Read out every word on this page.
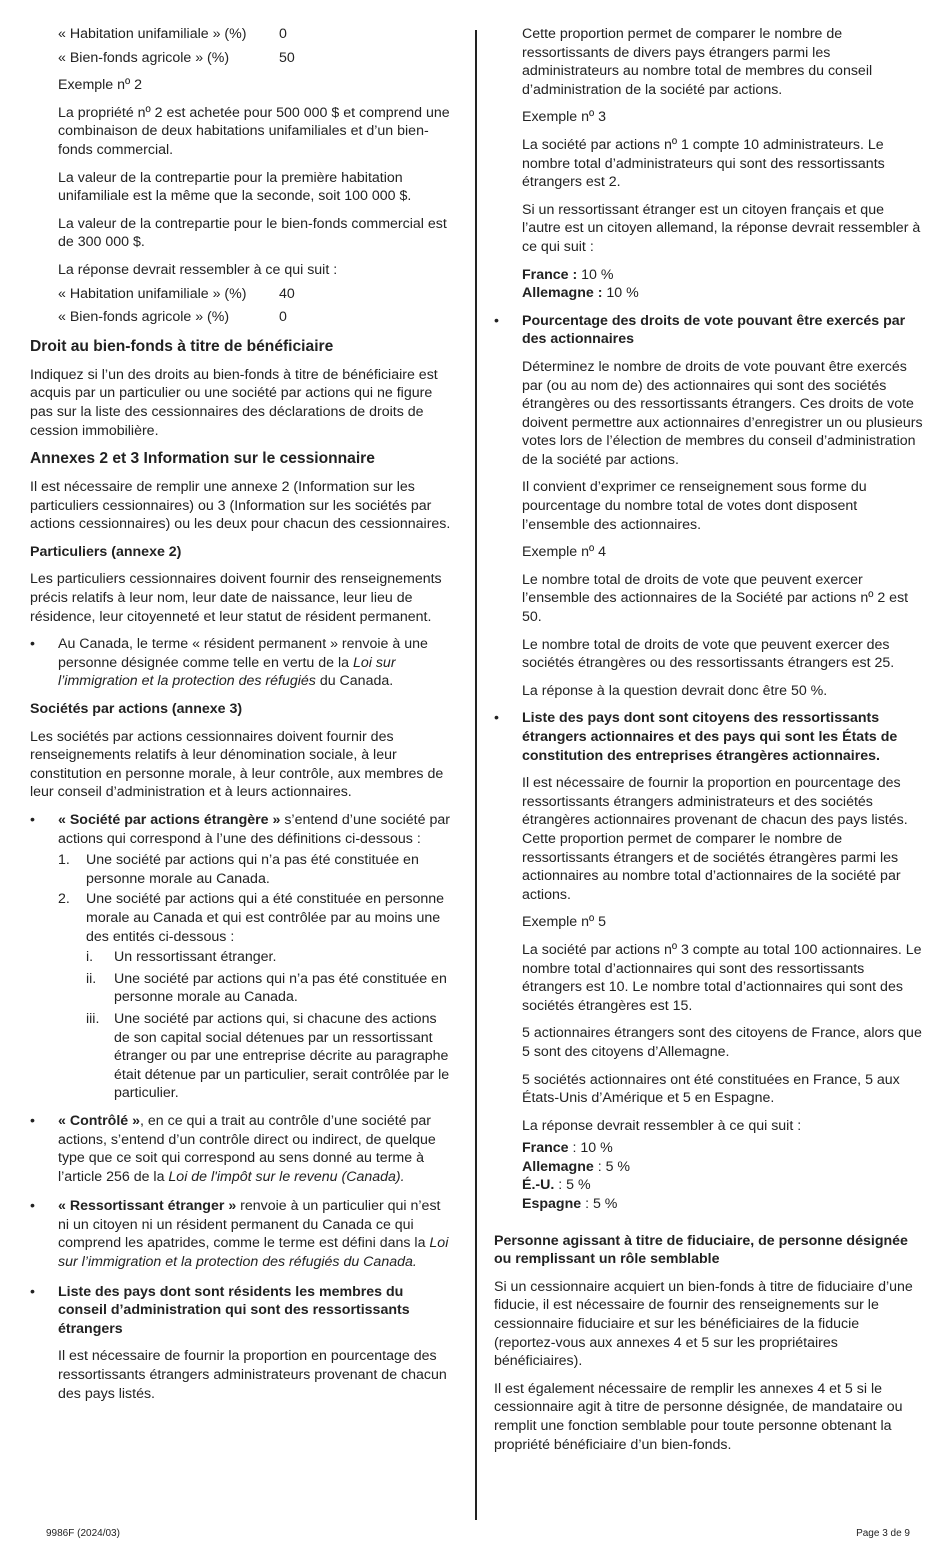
« Habitation unifamiliale » (%)	0
« Bien-fonds agricole » (%)	50

Exemple nº 2

La propriété nº 2 est achetée pour 500 000 $ et comprend une combinaison de deux habitations unifamiliales et d’un bien-fonds commercial.

La valeur de la contrepartie pour la première habitation unifamiliale est la même que la seconde, soit 100 000 $.

La valeur de la contrepartie pour le bien-fonds commercial est de 300 000 $.

La réponse devrait ressembler à ce qui suit :

« Habitation unifamiliale » (%)	40
« Bien-fonds agricole » (%)	0
Droit au bien-fonds à titre de bénéficiaire

Indiquez si l’un des droits au bien-fonds à titre de bénéficiaire est acquis par un particulier ou une société par actions qui ne figure pas sur la liste des cessionnaires des déclarations de droits de cession immobilière.

Annexes 2 et 3 Information sur le cessionnaire

Il est nécessaire de remplir une annexe 2 (Information sur les particuliers cessionnaires) ou 3 (Information sur les sociétés par actions cessionnaires) ou les deux pour chacun des cessionnaires.

Particuliers (annexe 2)

Les particuliers cessionnaires doivent fournir des renseignements précis relatifs à leur nom, leur date de naissance, leur lieu de résidence, leur citoyenneté et leur statut de résident permanent.

• Au Canada, le terme « résident permanent » renvoie à une personne désignée comme telle en vertu de la Loi sur l’immigration et la protection des réfugiés du Canada.
Sociétés par actions (annexe 3)

Les sociétés par actions cessionnaires doivent fournir des renseignements relatifs à leur dénomination sociale, à leur constitution en personne morale, à leur contrôle, aux membres de leur conseil d’administration et à leurs actionnaires.

• « Société par actions étrangère » s’entend d’une société par actions qui correspond à l’une des définitions ci-dessous :
1. Une société par actions qui n’a pas été constituée en personne morale au Canada.
2. Une société par actions qui a été constituée en personne morale au Canada et qui est contrôlée par au moins une des entités ci-dessous :
i. Un ressortissant étranger.
ii. Une société par actions qui n’a pas été constituée en personne morale au Canada.
iii. Une société par actions qui, si chacune des actions de son capital social détenues par un ressortissant étranger ou par une entreprise décrite au paragraphe était détenue par un particulier, serait contrôlée par le particulier.
• « Contrôlé », en ce qui a trait au contrôle d’une société par actions, s’entend d’un contrôle direct ou indirect, de quelque type que ce soit qui correspond au sens donné au terme à l’article 256 de la Loi de l'impôt sur le revenu (Canada).
• « Ressortissant étranger » renvoie à un particulier qui n’est ni un citoyen ni un résident permanent du Canada ce qui comprend les apatrides, comme le terme est défini dans la Loi sur l’immigration et la protection des réfugiés du Canada.
• Liste des pays dont sont résidents les membres du conseil d’administration qui sont des ressortissants étrangers

Il est nécessaire de fournir la proportion en pourcentage des ressortissants étrangers administrateurs provenant de chacun des pays listés.

Cette proportion permet de comparer le nombre de ressortissants de divers pays étrangers parmi les administrateurs au nombre total de membres du conseil d’administration de la société par actions.

Exemple nº 3

La société par actions nº 1 compte 10 administrateurs. Le nombre total d’administrateurs qui sont des ressortissants étrangers est 2.

Si un ressortissant étranger est un citoyen français et que l’autre est un citoyen allemand, la réponse devrait ressembler à ce qui suit :

France : 10 %
Allemagne : 10 %
• Pourcentage des droits de vote pouvant être exercés par des actionnaires

Déterminez le nombre de droits de vote pouvant être exercés par (ou au nom de) des actionnaires qui sont des sociétés étrangères ou des ressortissants étrangers. Ces droits de vote doivent permettre aux actionnaires d’enregistrer un ou plusieurs votes lors de l’élection de membres du conseil d’administration de la société par actions.

Il convient d’exprimer ce renseignement sous forme du pourcentage du nombre total de votes dont disposent l’ensemble des actionnaires.

Exemple nº 4

Le nombre total de droits de vote que peuvent exercer l’ensemble des actionnaires de la Société par actions nº 2 est 50.

Le nombre total de droits de vote que peuvent exercer des sociétés étrangères ou des ressortissants étrangers est 25.

La réponse à la question devrait donc être 50 %.

• Liste des pays dont sont citoyens des ressortissants étrangers actionnaires et des pays qui sont les États de constitution des entreprises étrangères actionnaires.

Il est nécessaire de fournir la proportion en pourcentage des ressortissants étrangers administrateurs et des sociétés étrangères actionnaires provenant de chacun des pays listés. Cette proportion permet de comparer le nombre de ressortissants étrangers et de sociétés étrangères parmi les actionnaires au nombre total d’actionnaires de la société par actions.

Exemple nº 5

La société par actions nº 3 compte au total 100 actionnaires. Le nombre total d’actionnaires qui sont des ressortissants étrangers est 10. Le nombre total d’actionnaires qui sont des sociétés étrangères est 15.

5 actionnaires étrangers sont des citoyens de France, alors que 5 sont des citoyens d’Allemagne.

5 sociétés actionnaires ont été constituées en France, 5 aux États-Unis d’Amérique et 5 en Espagne.

La réponse devrait ressembler à ce qui suit :

France : 10 %
Allemagne : 5 %
É.-U. : 5 %
Espagne : 5 %
Personne agissant à titre de fiduciaire, de personne désignée ou remplissant un rôle semblable

Si un cessionnaire acquiert un bien-fonds à titre de fiduciaire d’une fiducie, il est nécessaire de fournir des renseignements sur le cessionnaire fiduciaire et sur les bénéficiaires de la fiducie (reportez-vous aux annexes 4 et 5 sur les propriétaires bénéficiaires).

Il est également nécessaire de remplir les annexes 4 et 5 si le cessionnaire agit à titre de personne désignée, de mandataire ou remplit une fonction semblable pour toute personne obtenant la propriété bénéficiaire d’un bien-fonds.

9986F (2024/03)	Page 3 de 9
